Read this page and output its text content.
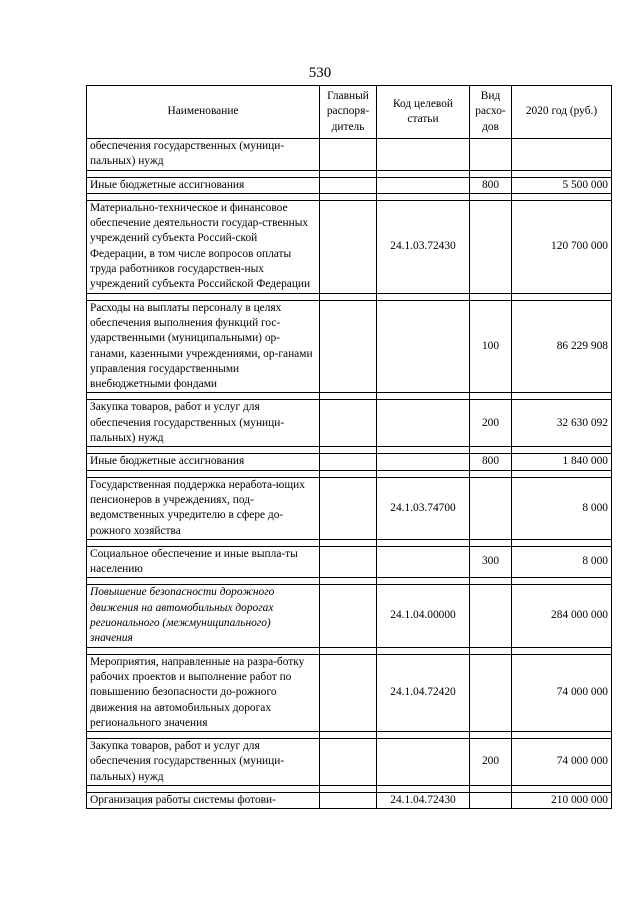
530
Наименование	Главный распоря-дитель	Код целевой статьи	Вид расхо-дов	2020 год (руб.)
обеспечения государственных (муници-пальных) нужд				

Иные бюджетные ассигнования			800	5 500 000

Материально-техническое и финансовое обеспечение деятельности государ-ственных учреждений субъекта Россий-ской Федерации, в том числе вопросов оплаты труда работников государствен-ных учреждений субъекта Российской Федерации		24.1.03.72430		120 700 000

Расходы на выплаты персоналу в целях обеспечения выполнения функций гос-ударственными (муниципальными) ор-ганами, казенными учреждениями, ор-ганами управления государственными внебюджетными фондами			100	86 229 908

Закупка товаров, работ и услуг для обеспечения государственных (муници-пальных) нужд			200	32 630 092

Иные бюджетные ассигнования			800	1 840 000

Государственная поддержка неработа-ющих пенсионеров в учреждениях, под-ведомственных учредителю в сфере до-рожного хозяйства		24.1.03.74700		8 000

Социальное обеспечение и иные выпла-ты населению			300	8 000

Повышение безопасности дорожного движения на автомобильных дорогах регионального (межмуниципального) значения		24.1.04.00000		284 000 000

Мероприятия, направленные на разра-ботку рабочих проектов и выполнение работ по повышению безопасности до-рожного движения на автомобильных дорогах регионального значения		24.1.04.72420		74 000 000

Закупка товаров, работ и услуг для обеспечения государственных (муници-пальных) нужд			200	74 000 000

Организация работы системы фотови-		24.1.04.72430		210 000 000
